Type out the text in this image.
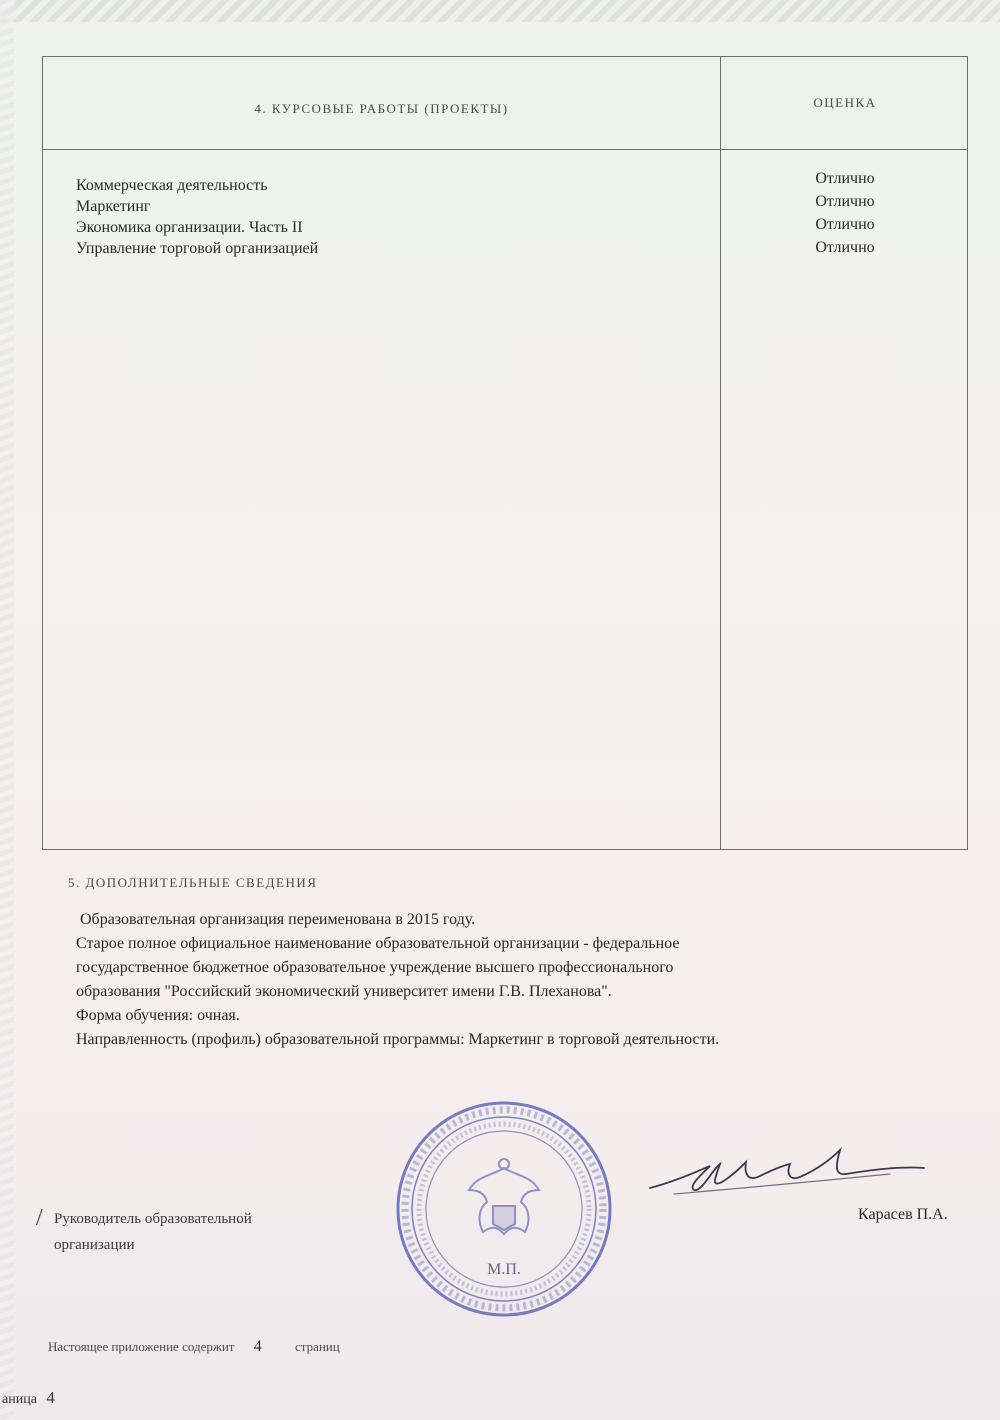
4. КУРСОВЫЕ РАБОТЫ (ПРОЕКТЫ)	ОЦЕНКА
Коммерческая деятельность
Маркетинг
Экономика организации. Часть II
Управление торговой организацией
Отлично
Отлично
Отлично
Отлично
5. ДОПОЛНИТЕЛЬНЫЕ СВЕДЕНИЯ

Образовательная организация переименована в 2015 году.

Старое полное официальное наименование образовательной организации - федеральное

государственное бюджетное образовательное учреждение высшего профессионального

образования "Российский экономический университет имени Г.В. Плеханова".

Форма обучения: очная.

Направленность (профиль) образовательной программы: Маркетинг в торговой деятельности.

М.П.
/ Руководитель образовательной
организации
Карасев П.А.
Настоящее приложение содержит 4	страниц
аница 4
